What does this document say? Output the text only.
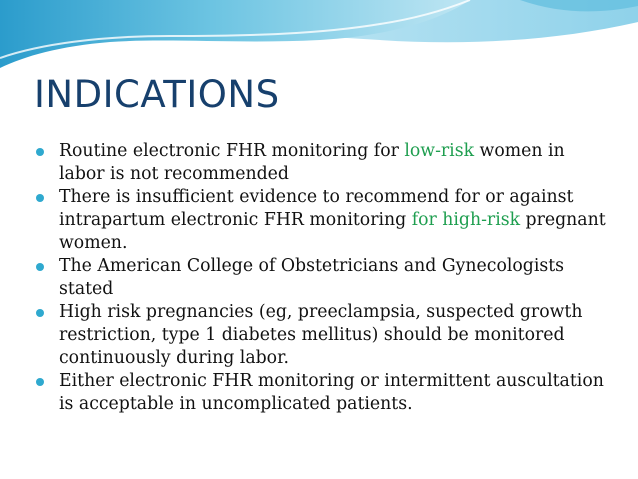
INDICATIONS
Routine electronic FHR monitoring for low-risk women in labor is not recommended
There is insufficient evidence to recommend for or against intrapartum electronic FHR monitoring for high-risk pregnant women.
The American College of Obstetricians and Gynecologists stated
High risk pregnancies (eg, preeclampsia, suspected growth restriction, type 1 diabetes mellitus) should be monitored continuously during labor.
Either electronic FHR monitoring or intermittent auscultation is acceptable in uncomplicated patients.
